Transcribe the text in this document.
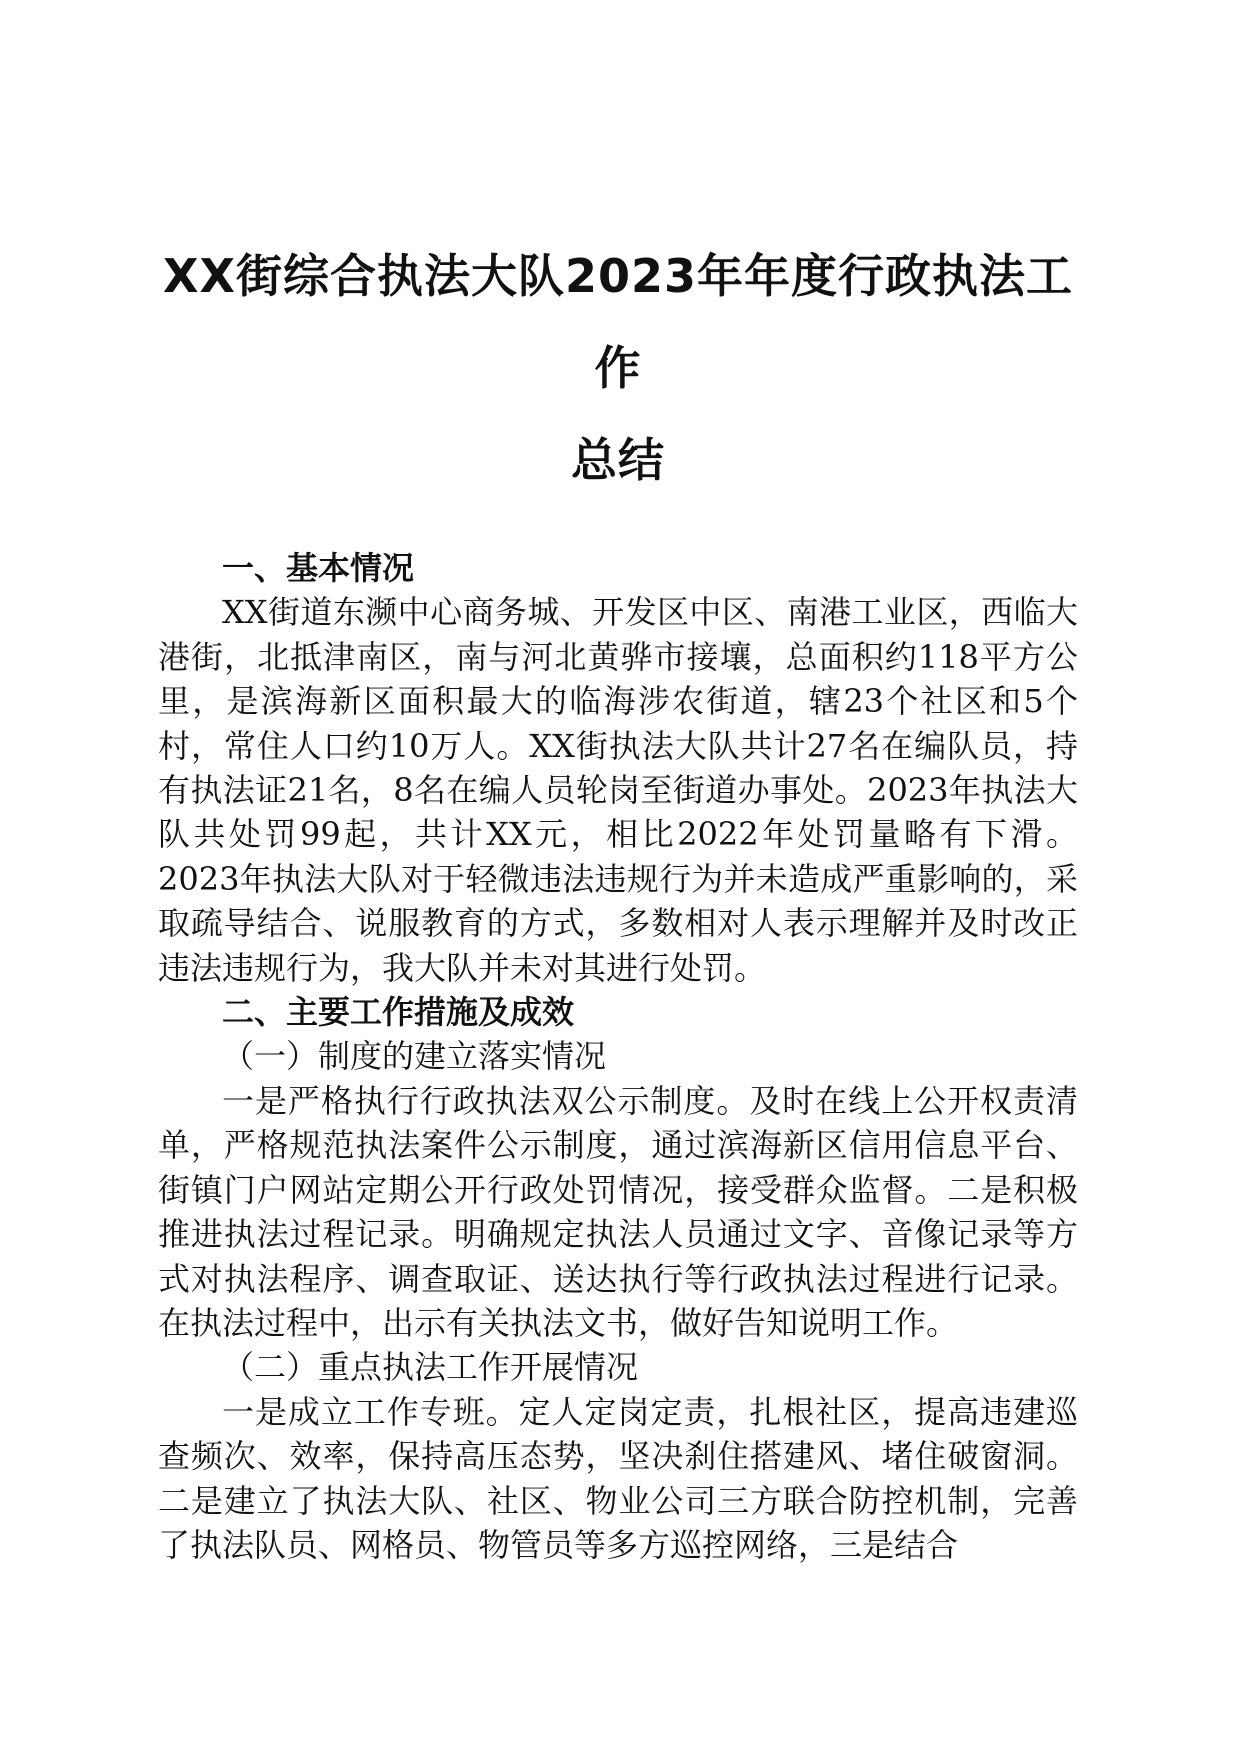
XX街综合执法大队2023年年度行政执法工作
总结

一、基本情况

XX街道东濒中心商务城、开发区中区、南港工业区，西临大港街，北抵津南区，南与河北黄骅市接壤，总面积约118平方公里，是滨海新区面积最大的临海涉农街道，辖23个社区和5个村，常住人口约10万人。XX街执法大队共计27名在编队员，持有执法证21名，8名在编人员轮岗至街道办事处。2023年执法大队共处罚99起，共计XX元，相比2022年处罚量略有下滑。2023年执法大队对于轻微违法违规行为并未造成严重影响的，采取疏导结合、说服教育的方式，多数相对人表示理解并及时改正违法违规行为，我大队并未对其进行处罚。

二、主要工作措施及成效

（一）制度的建立落实情况

一是严格执行行政执法双公示制度。及时在线上公开权责清单，严格规范执法案件公示制度，通过滨海新区信用信息平台、街镇门户网站定期公开行政处罚情况，接受群众监督。二是积极推进执法过程记录。明确规定执法人员通过文字、音像记录等方式对执法程序、调查取证、送达执行等行政执法过程进行记录。在执法过程中，出示有关执法文书，做好告知说明工作。

（二）重点执法工作开展情况

一是成立工作专班。定人定岗定责，扎根社区，提高违建巡查频次、效率，保持高压态势，坚决刹住搭建风、堵住破窗洞。二是建立了执法大队、社区、物业公司三方联合防控机制，完善了执法队员、网格员、物管员等多方巡控网络，三是结合
